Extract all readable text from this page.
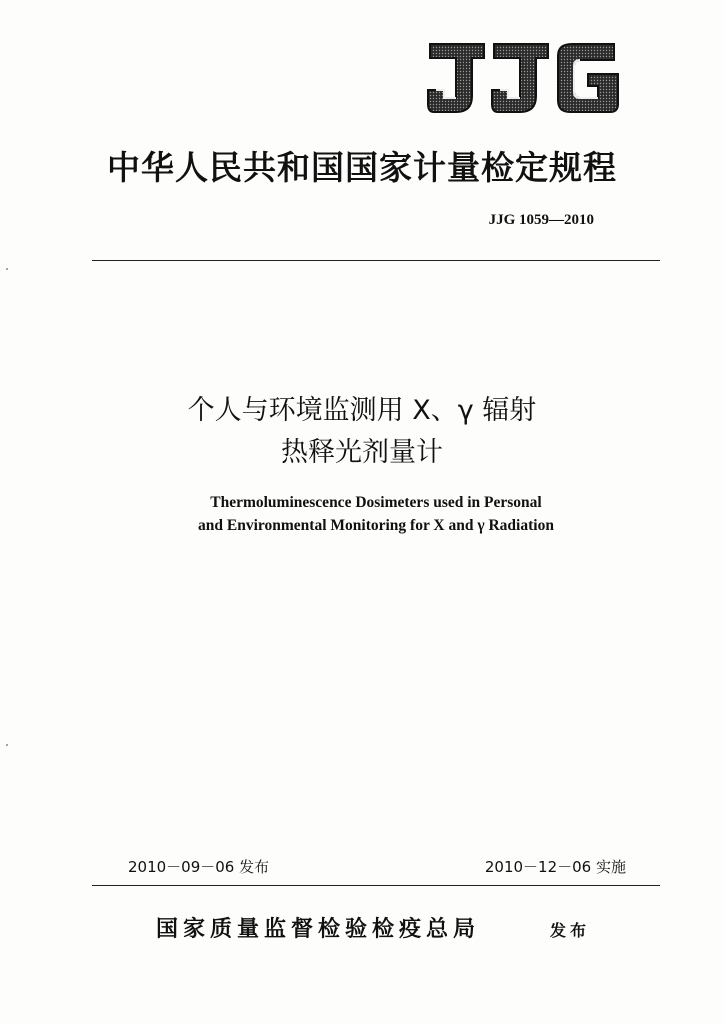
中华人民共和国国家计量检定规程
JJG 1059—2010
个人与环境监测用 X、γ 辐射
热释光剂量计
Thermoluminescence Dosimeters used in Personal
and Environmental Monitoring for X and γ Radiation
2010－09－06 发布	2010－12－06 实施
国家质量监督检验检疫总局	发布
